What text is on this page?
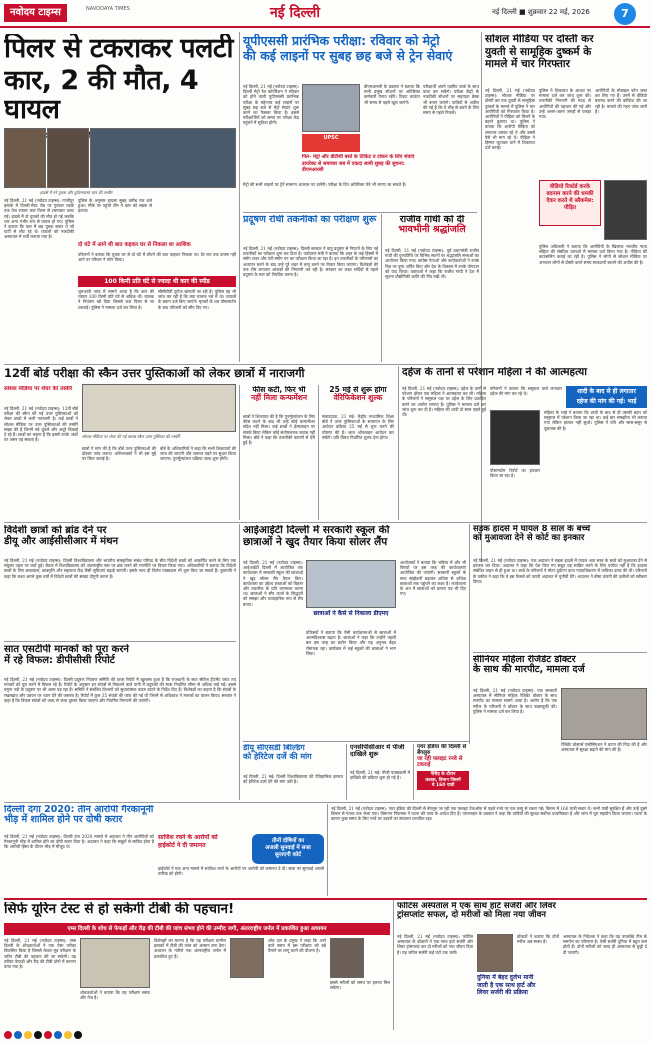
नवोदय टाइम्स	NAVODAYA TIMES	नई दिल्ली	नई दिल्ली ■ शुक्रवार 22 मई, 2026	7
पिलर से टकराकर पलटी
कार, 2 की मौत, 4 घायल
हादसे में मरे युवक और दुर्घटनाग्रस्त कार की तस्वीर
नई दिल्ली, 21 मई (नवोदय टाइम्स): गाजीपुर इलाके में दिल्ली-मेरठ रोड पर गुरुवार तड़के एक तेज रफ्तार कार पिलर से टकराकर पलट गई। हादसे में दो युवकों की मौत हो गई जबकि चार अन्य गंभीर रूप से घायल हो गए। पुलिस ने बताया कि कार में छह युवक सवार थे जो पार्टी से लौट रहे थे। घायलों को नजदीकी अस्पताल में भर्ती कराया गया है।
पुलिस के अनुसार हादसा सुबह करीब चार बजे हुआ। मौके पर पहुंची टीम ने कार को सड़क से हटाया।
दो घंटे में आने थी बात कहकर घर से निकला था आशिक
परिजनों ने बताया कि युवक घर से दो घंटे में लौटने की बात कहकर निकला था। देर रात तक वापस नहीं आने पर परिवार ने फोन किया।
100 किमी प्रति घंटे से ज्यादा थी कार की स्पीड
शुरुआती जांच में सामने आया है कि कार की रफ्तार 100 किमी प्रति घंटे से अधिक थी। चालक ने नियंत्रण खो दिया जिससे कार पिलर से जा टकराई। पुलिस ने मामला दर्ज कर लिया है।
सीसीटीवी फुटेज खंगाली जा रही है। पुलिस यह भी जांच कर रही है कि क्या चालक नशे में था। घायलों के बयान दर्ज किए जाएंगे। मृतकों के शव पोस्टमार्टम के बाद परिजनों को सौंप दिए गए।
यूपीएससी प्रारंभिक परीक्षा: रविवार को मेट्रो
की कई लाइनों पर सुबह छह बजे से ट्रेन सेवाएं
नई दिल्ली, 21 मई (नवोदय टाइम्स): दिल्ली मेट्रो रेल कॉर्पोरेशन ने रविवार को होने वाली यूपीएससी प्रारंभिक परीक्षा के मद्देनजर कई लाइनों पर सुबह छह बजे से मेट्रो सेवाएं शुरू करने का फैसला किया है। इससे परीक्षार्थियों को समय पर परीक्षा केंद्र पहुंचने में सुविधा होगी।
UPSC
फिर- मेट्रो और डीटीसी बसों के टिकिट व टोकन के लिए सेवाएं डायरेक्ट से समाचार सब में एकदा सामी सुबह की सुचना: डीएमआरसी
डीएमआरसी के प्रवक्ता ने बताया कि सभी प्रमुख स्टेशनों पर अतिरिक्त कर्मचारी तैनात रहेंगे। टिकट काउंटर भी समय से पहले खुल जाएंगे।
परीक्षार्थी अपने एडमिट कार्ड के साथ यात्रा कर सकेंगे। परीक्षा केंद्रों के नजदीकी स्टेशनों पर सहायता डेस्क भी बनाए जाएंगे। यात्रियों से अपील की गई है कि वे भीड़ से बचने के लिए समय से पहले निकलें।
मेट्रो की सभी लाइनों पर ट्रेनें सामान्य अंतराल पर चलेंगी। परीक्षा के दिन अतिरिक्त फेरे भी लगाए जा सकते हैं।
सोशल मीडिया पर दोस्ती कर
युवती से सामूहिक दुष्कर्म के
मामले में चार गिरफ्तार
नई दिल्ली, 21 मई (नवोदय टाइम्स): सोशल मीडिया पर दोस्ती कर एक युवती से सामूहिक दुष्कर्म के मामले में पुलिस ने चार आरोपियों को गिरफ्तार किया है। आरोपियों ने पीड़िता को मिलने के बहाने बुलाया था। पुलिस ने बताया कि आरोपी पीड़िता को लगातार धमका रहे थे और उससे पैसे भी मांग रहे थे। पीड़िता ने हिम्मत जुटाकर थाने में शिकायत दर्ज कराई।
पुलिस ने शिकायत के आधार पर मामला दर्ज कर जांच शुरू की। तकनीकी निगरानी की मदद से आरोपियों की पहचान की गई और उन्हें अलग-अलग जगहों से पकड़ा गया।
आरोपियों के मोबाइल फोन जब्त कर लिए गए हैं। उनमें से वीडियो बरामद करने की कोशिश की जा रही है। मामले की गहन जांच जारी है।
वीडियो रिकॉर्ड करके बदनाम करने की धमकी देकर करते थे ब्लैकमेल: पीड़ित
पुलिस अधिकारी ने बताया कि आरोपियों के खिलाफ भारतीय न्याय संहिता की संबंधित धाराओं में मामला दर्ज किया गया है। पीड़िता की काउंसलिंग कराई जा रही है। पुलिस ने लोगों से सोशल मीडिया पर अनजान लोगों से दोस्ती करते समय सावधानी बरतने की अपील की है।
प्रदूषण रोधी तकनीकों का परीक्षण शुरू
नई दिल्ली, 21 मई (नवोदय टाइम्स): दिल्ली सरकार ने वायु प्रदूषण से निपटने के लिए नई तकनीकों का परीक्षण शुरू कर दिया है। पर्यावरण मंत्री ने बताया कि शहर के कई हिस्सों में स्मॉग टावर और एंटी-स्मॉग गन का परीक्षण किया जा रहा है। इन तकनीकों के परिणामों का अध्ययन करने के बाद उन्हें पूरे शहर में लागू करने पर विचार किया जाएगा। विशेषज्ञों की एक टीम लगातार आंकड़ों की निगरानी कर रही है। सरकार का लक्ष्य सर्दियों से पहले प्रदूषण के स्तर को नियंत्रित करना है।
राजीव गांधी को दी
भावभीनी श्रद्धांजलि
नई दिल्ली, 21 मई (नवोदय टाइम्स): पूर्व प्रधानमंत्री राजीव गांधी की पुण्यतिथि पर विभिन्न स्थानों पर श्रद्धांजलि सभाओं का आयोजन किया गया। कांग्रेस नेताओं और कार्यकर्ताओं ने उनके चित्र पर पुष्प अर्पित किए और देश के विकास में उनके योगदान को याद किया। वक्ताओं ने कहा कि राजीव गांधी ने देश में सूचना प्रौद्योगिकी क्रांति की नींव रखी थी।
12वीं बोर्ड परीक्षा की स्कैन उत्तर पुस्तिकाओं को लेकर छात्रों में नाराजगी
सोशल मीडिया पर शेयर की तस्वीरें
नई दिल्ली, 21 मई (नवोदय टाइम्स): 12वीं बोर्ड परीक्षा की स्कैन की गई उत्तर पुस्तिकाओं को लेकर छात्रों में भारी नाराजगी है। कई छात्रों ने सोशल मीडिया पर उत्तर पुस्तिकाओं की तस्वीरें साझा की हैं जिनमें पन्ने धुंधले और अधूरे दिखाई दे रहे हैं। छात्रों का कहना है कि इससे उनके अंकों पर असर पड़ सकता है।
सोशल मीडिया पर शेयर की गई खराब स्कैन उत्तर पुस्तिका की तस्वीरें
छात्रों ने मांग की है कि बोर्ड उत्तर पुस्तिकाओं की दोबारा जांच कराए। अभिभावकों ने भी इस मुद्दे पर चिंता जताई है।
बोर्ड के अधिकारियों ने कहा कि सभी शिकायतों की जांच की जाएगी और जरूरत पड़ने पर सुधार किया जाएगा। पुनर्मूल्यांकन प्रक्रिया जल्द शुरू होगी।
फीस कटी, फिर भी
नहीं मिला कन्फर्मेशन
छात्रों ने शिकायत की है कि पुनर्मूल्यांकन के लिए फीस कटने के बाद भी उन्हें कोई कन्फर्मेशन संदेश नहीं मिला। कई छात्रों ने हेल्पलाइन पर संपर्क किया लेकिन कोई संतोषजनक जवाब नहीं मिला। बोर्ड ने कहा कि तकनीकी कारणों से देरी हुई है।
25 मई से शुरू होगा
वेरिफिकेशन शुल्क
संवाददाता, 21 मई: केंद्रीय माध्यमिक शिक्षा बोर्ड ने उत्तर पुस्तिकाओं के सत्यापन के लिए आवेदन प्रक्रिया 25 मई से शुरू करने की घोषणा की है। छात्र ऑनलाइन आवेदन कर सकेंगे। प्रति विषय निर्धारित शुल्क देना होगा।
दहेज के तानों से परेशान महिला ने की आत्महत्या
नई दिल्ली, 21 मई (नवोदय टाइम्स): दहेज के तानों से परेशान होकर एक महिला ने आत्महत्या कर ली। महिला के परिजनों ने ससुराल पक्ष पर दहेज के लिए प्रताड़ित करने का आरोप लगाया है। पुलिस ने मामला दर्ज कर जांच शुरू कर दी है। महिला की शादी दो साल पहले हुई थी।
परिजनों ने बताया कि ससुराल वाले लगातार दहेज की मांग कर रहे थे।	शादी के बाद से ही लगातार
दहेज की मांग की गई: भाई
महिला के भाई ने बताया कि शादी के बाद से ही उसकी बहन को ससुराल में परेशान किया जा रहा था। कई बार समझौता भी कराया गया लेकिन हालात नहीं सुधरे। पुलिस ने पति और सास-ससुर से पूछताछ की है।
पोस्टमार्टम रिपोर्ट का इंतजार किया जा रहा है।
विदेशी छात्रों को ब्रांड देने पर
डीयू और आईसीसीआर में मंथन
नई दिल्ली, 21 मई (नवोदय टाइम्स): दिल्ली विश्वविद्यालय और भारतीय सांस्कृतिक संबंध परिषद के बीच विदेशी छात्रों को आकर्षित करने के लिए एक संयुक्त पहल पर चर्चा हुई। बैठक में विश्वविद्यालय को अंतरराष्ट्रीय स्तर पर ब्रांड करने की रणनीति पर विचार किया गया। अधिकारियों ने बताया कि विदेशी छात्रों के लिए छात्रावास, छात्रवृत्ति और सहायता केंद्र जैसी सुविधाएं बढ़ाई जाएंगी। इसके साथ ही विशेष पाठ्यक्रम भी शुरू किए जा सकते हैं। कुलपति ने कहा कि लक्ष्य अगले कुछ वर्षों में विदेशी छात्रों की संख्या दोगुनी करना है।
आईआईटी दिल्ली में सरकारी स्कूल की
छात्राओं ने खुद तैयार किया सोलर लैंप
नई दिल्ली, 21 मई (नवोदय टाइम्स): आईआईटी दिल्ली में आयोजित एक कार्यशाला में सरकारी स्कूल की छात्राओं ने खुद सोलर लैंप तैयार किए। कार्यशाला का उद्देश्य छात्राओं को विज्ञान और तकनीक के प्रति जागरूक करना था। छात्राओं ने सौर ऊर्जा के सिद्धांतों को समझा और व्यावहारिक रूप से लैंप बनाए।
छात्राओं ने कैसे से निकाला डीएमए
प्रोफेसरों ने बताया कि ऐसी कार्यशालाओं से छात्राओं में आत्मविश्वास बढ़ता है। छात्राओं ने कहा कि उन्होंने पहली बार इस तरह का प्रयोग किया और यह अनुभव बेहद रोमांचक रहा। कार्यक्रम में कई स्कूलों की छात्राओं ने भाग लिया।
आयोजकों ने बताया कि भविष्य में और भी विषयों पर इस तरह की कार्यशालाएं आयोजित की जाएंगी। सरकारी स्कूलों के साथ साझेदारी बढ़ाकर अधिक से अधिक छात्राओं तक पहुंचने का लक्ष्य है। कार्यशाला के अंत में छात्राओं को प्रमाण पत्र भी दिए गए।
सड़क हादसे में घायल 8 साल के बच्चे
को मुआवजा देने से कोर्ट का इनकार
नई दिल्ली, 21 मई (नवोदय टाइम्स): एक अदालत ने सड़क हादसे में घायल आठ साल के बच्चे को मुआवजा देने से इनकार कर दिया। अदालत ने कहा कि पेश किए गए सबूत यह साबित करने के लिए पर्याप्त नहीं हैं कि हादसा संबंधित वाहन से ही हुआ था। बच्चे के परिजनों ने मोटर दुर्घटना दावा न्यायाधिकरण में याचिका दायर की थी। परिजनों के वकील ने कहा कि वे इस फैसले को ऊपरी अदालत में चुनौती देंगे। अदालत ने बीमा कंपनी की दलीलों को स्वीकार किया।
सीनियर महिला रेजिडेंट डॉक्टर
के साथ की मारपीट, मामला दर्ज
नई दिल्ली, 21 मई (नवोदय टाइम्स): एक सरकारी अस्पताल में सीनियर महिला रेजिडेंट डॉक्टर के साथ मारपीट का मामला सामने आया है। आरोप है कि एक मरीज के परिजनों ने डॉक्टर के साथ बदसलूकी की। पुलिस ने मामला दर्ज कर लिया है।
रेजिडेंट डॉक्टर्स एसोसिएशन ने घटना की निंदा की है और अस्पताल में सुरक्षा बढ़ाने की मांग की है।
सात एसटीपी मानकों को पूरा करने
में रहे विफल: डीपीसीसी रिपोर्ट
नई दिल्ली, 21 मई (नवोदय टाइम्स): दिल्ली प्रदूषण नियंत्रण समिति की ताजा रिपोर्ट में खुलासा हुआ है कि राजधानी के सात सीवेज ट्रीटमेंट प्लांट तय मानकों को पूरा करने में विफल रहे हैं। रिपोर्ट के अनुसार इन संयंत्रों से निकलने वाले पानी में प्रदूषकों की मात्रा निर्धारित सीमा से अधिक पाई गई। इससे यमुना नदी के प्रदूषण पर भी असर पड़ रहा है। समिति ने संबंधित विभागों को सुधारात्मक कदम उठाने के निर्देश दिए हैं। विशेषज्ञों का कहना है कि संयंत्रों के रखरखाव और उन्नयन पर ध्यान देने की जरूरत है। रिपोर्ट में कुल 35 संयंत्रों की जांच की गई थी जिनमें से अधिकांश ने मानकों का पालन किया। सरकार ने कहा है कि विफल संयंत्रों को जल्द से जल्द दुरुस्त किया जाएगा और नियमित निगरानी की जाएगी।
डीयू सीएसडी बिल्डिंग
को हेरिटेज दर्जे की मांग
नई दिल्ली, 21 मई: दिल्ली विश्वविद्यालय की ऐतिहासिक इमारत को हेरिटेज दर्जा देने की मांग उठी है।
एनसीपीसीआर में पीजी
दाखिले शुरू
नई दिल्ली, 21 मई: पीजी पाठ्यक्रमों में दाखिले की प्रक्रिया शुरू हो गई है।
एयर इंडिया की दिल्ली से बेंगलुरु
जा रही फ्लाइट रनवे से टकराई
नैसिंह के दौरान
कलवा, विमान जिसमें
थे 160 यात्री
दिल्ली दंगा 2020: तीन आरोपी गैरकानूनी
भीड़ में शामिल होने पर दोषी करार
नई दिल्ली, 21 मई (नवोदय टाइम्स): दिल्ली दंगा 2020 मामले में अदालत ने तीन आरोपियों को गैरकानूनी भीड़ में शामिल होने का दोषी करार दिया है। अदालत ने कहा कि सबूतों से साबित होता है कि आरोपी हिंसा के दौरान भीड़ में मौजूद थे।
साजिश रचने के आरोपों को
हाईकोर्ट ने दी जमानत
तीनों दोषियों का
अजली सुनवाई में सजा
सुनाएगी कोर्ट
हाईकोर्ट ने एक अन्य मामले में साजिश रचने के आरोपों पर आरोपी को जमानत दे दी। सजा पर सुनवाई अगली तारीख को होगी।
नई दिल्ली, 21 मई (नवोदय टाइम्स): एयर इंडिया की दिल्ली से बेंगलुरु जा रही एक फ्लाइट टेकऑफ से पहले रनवे पर एक वस्तु से टकरा गई। विमान में 160 यात्री सवार थे। सभी यात्री सुरक्षित हैं और उन्हें दूसरे विमान से गंतव्य तक भेजा गया। विमानन नियामक ने घटना की जांच के आदेश दिए हैं। एयरलाइन के प्रवक्ता ने कहा कि यात्रियों की सुरक्षा सर्वोच्च प्राथमिकता है और जांच में पूरा सहयोग किया जाएगा। घटना के कारण कुछ समय के लिए रनवे पर उड़ानों का संचालन प्रभावित रहा।
सिर्फ यूरिन टेस्ट से हो सकेगी टीबी की पहचान!
एम्स दिल्ली के शोध से फेफड़ों और रीढ़ की टीबी की जांच संभव होने की उम्मीद जगी, अंतरराष्ट्रीय जर्नल में प्रकाशित हुआ अध्ययन
नई दिल्ली, 21 मई (नवोदय टाइम्स): एम्स दिल्ली के शोधकर्ताओं ने एक ऐसा तरीका विकसित किया है जिससे केवल मूत्र परीक्षण के जरिए टीबी की पहचान की जा सकेगी। यह तरीका फेफड़ों और रीढ़ की टीबी दोनों में कारगर पाया गया है।
शोधकर्ताओं ने बताया कि यह परीक्षण सस्ता और तेज है।
विशेषज्ञों का मानना है कि यह परीक्षण ग्रामीण इलाकों में टीबी की जांच को आसान बना देगा। अध्ययन के नतीजे एक अंतरराष्ट्रीय जर्नल में प्रकाशित हुए हैं।
शोध दल के प्रमुख ने कहा कि आने वाले समय में इस परीक्षण को बड़े पैमाने पर लागू करने की योजना है।
इससे मरीजों को समय पर इलाज मिल सकेगा।
फोर्टिस अस्पताल में एक साथ हार्ट सर्जरी और लिवर
ट्रांसप्लांट सफल, दो मरीजों को मिला नया जीवन
नई दिल्ली, 21 मई (नवोदय टाइम्स): फोर्टिस अस्पताल के डॉक्टरों ने एक साथ हार्ट सर्जरी और लिवर ट्रांसप्लांट कर दो मरीजों को नया जीवन दिया है। यह जटिल सर्जरी कई घंटों तक चली।
दुनिया में बेहद दुर्लभ मानी
जाती है एक साथ हार्ट और
लिवर सर्जरी की प्रक्रिया
डॉक्टरों ने बताया कि दोनों मरीज अब स्वस्थ हैं।
अस्पताल के निदेशक ने कहा कि यह उपलब्धि टीम के समर्पण का परिणाम है। ऐसी सर्जरी दुनिया में बहुत कम होती हैं। दोनों मरीजों को जल्द ही अस्पताल से छुट्टी दे दी जाएगी।
